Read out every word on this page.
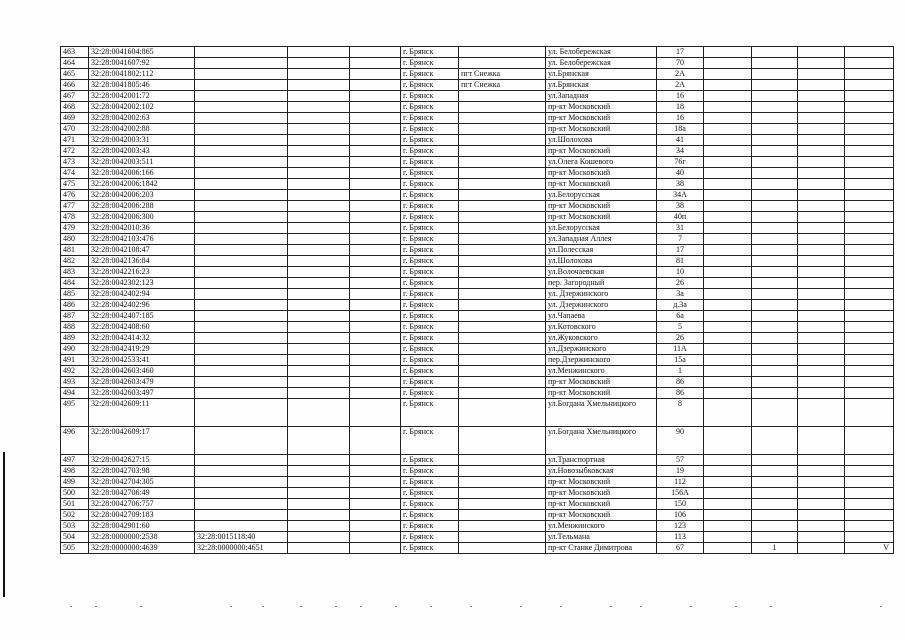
463	32:28:0041604:865				г. Брянск		ул. Белобережская	17				
464	32:28:0041607:92				г. Брянск		ул. Белобережская	70				
465	32:28:0041802:112				г. Брянск	пгт Снежка	ул.Брянская	2А				
466	32:28:0041805:46				г. Брянск	пгт Снежка	ул.Брянская	2А				
467	32:28:0042001:72				г. Брянск		ул.Западная	16				
468	32:28:0042002:102				г. Брянск		пр-кт Московский	18				
469	32:28:0042002:63				г. Брянск		пр-кт Московский	16				
470	32:28:0042002:88				г. Брянск		пр-кт Московский	18а				
471	32:28:0042003:31				г. Брянск		ул.Шолохова	41				
472	32:28:0042003:43				г. Брянск		пр-кт Московский	34				
473	32:28:0042003:511				г. Брянск		ул.Олега Кошевого	76г				
474	32:28:0042006:166				г. Брянск		пр-кт Московский	40				
475	32:28:0042006:1842				г. Брянск		пр-кт Московский	38				
476	32:28:0042006:203				г. Брянск		ул.Белорусская	34А				
477	32:28:0042006:288				г. Брянск		пр-кт Московский	38				
478	32:28:0042006:300				г. Брянск		пр-кт Московский	40п				
479	32:28:0042010:36				г. Брянск		ул.Белорусская	31				
480	32:28:0042103:476				г. Брянск		ул.Западная Аллея	7				
481	32:28:0042108:47				г. Брянск		ул.Полесская	17				
482	32:28:0042136:84				г. Брянск		ул.Шолохова	81				
483	32:28:0042216:23				г. Брянск		ул.Волочаевская	10				
484	32:28:0042302:123				г. Брянск		пер. Загородный	26				
485	32:28:0042402:94				г. Брянск		ул. Дзержинского	3а				
486	32:28:0042402:96				г. Брянск		ул. Дзержинского	д.3а				
487	32:28:0042407:185				г. Брянск		ул.Чапаева	6а				
488	32:28:0042408:60				г. Брянск		ул.Котовского	5				
489	32:28:0042414:32				г. Брянск		ул.Жуковского	26				
490	32:28:0042419:29				г. Брянск		ул.Дзержинского	11А				
491	32:28:0042533:41				г. Брянск		пер.Дзержинского	15а				
492	32:28:0042603:460				г. Брянск		ул.Менжинского	1				
493	32:28:0042603:479				г. Брянск		пр-кт Московский	86				
494	32:28:0042603:497				г. Брянск		пр-кт Московский	86				
495	32:28:0042609:11				г. Брянск		ул.Богдана Хмельницкого	8				
496	32:28:0042609:17				г. Брянск		ул.Богдана Хмельницкого	90				
497	32:28:0042627:15				г. Брянск		ул.Транспортная	57				
498	32:28:0042703:98				г. Брянск		ул.Новозыбковская	19				
499	32:28:0042704:305				г. Брянск		пр-кт Московский	112				
500	32:28:0042706:49				г. Брянск		пр-кт Московский	156А				
501	32:28:0042706:757				г. Брянск		пр-кт Московский	150				
502	32:28:0042709:183				г. Брянск		пр-кт Московский	106				
503	32:28:0042901:60				г. Брянск		ул.Менжинского	123				
504	32:28:0000000:2538	32:28:0015118:40			г. Брянск		ул.Тельмана	113				
505	32:28:0000000:4639	32:28:0000000:4651			г. Брянск		пр-кт Станке Димитрова	67		1		V
